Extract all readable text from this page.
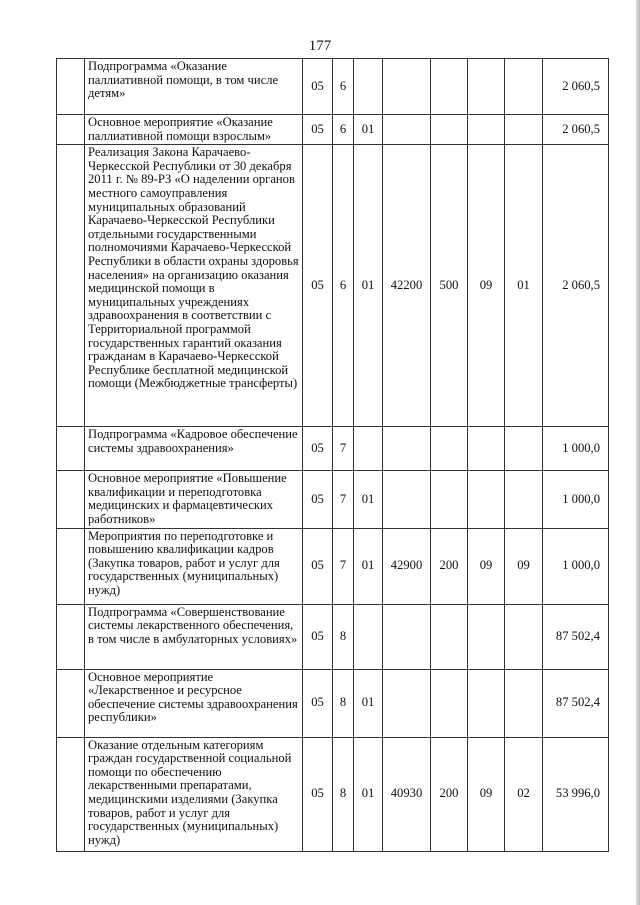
177
	Подпрограмма «Оказание паллиативной помощи, в том числе детям»	05	6						2 060,5
	Основное мероприятие «Оказание паллиативной помощи взрослым»	05	6	01					2 060,5
	Реализация Закона Карачаево-Черкесской Республики от 30 декабря 2011 г. № 89-РЗ «О наделении органов местного самоуправления муниципальных образований Карачаево-Черкесской Республики отдельными государственными полномочиями Карачаево-Черкесской Республики в области охраны здоровья населения» на организацию оказания медицинской помощи в муниципальных учреждениях здравоохранения в соответствии с Территориальной программой государственных гарантий оказания гражданам в Карачаево-Черкесской Республике бесплатной медицинской помощи (Межбюджетные трансферты)	05	6	01	42200	500	09	01	2 060,5
	Подпрограмма «Кадровое обеспечение системы здравоохранения»	05	7						1 000,0
	Основное мероприятие «Повышение квалификации и переподготовка медицинских и фармацевтических работников»	05	7	01					1 000,0
	Мероприятия по переподготовке и повышению квалификации кадров (Закупка товаров, работ и услуг для государственных (муниципальных) нужд)	05	7	01	42900	200	09	09	1 000,0
	Подпрограмма «Совершенствование системы лекарственного обеспечения, в том числе в амбулаторных условиях»	05	8						87 502,4
	Основное мероприятие «Лекарственное и ресурсное обеспечение системы здравоохранения республики»	05	8	01					87 502,4
	Оказание отдельным категориям граждан государственной социальной помощи по обеспечению лекарственными препаратами, медицинскими изделиями (Закупка товаров, работ и услуг для государственных (муниципальных) нужд)	05	8	01	40930	200	09	02	53 996,0
